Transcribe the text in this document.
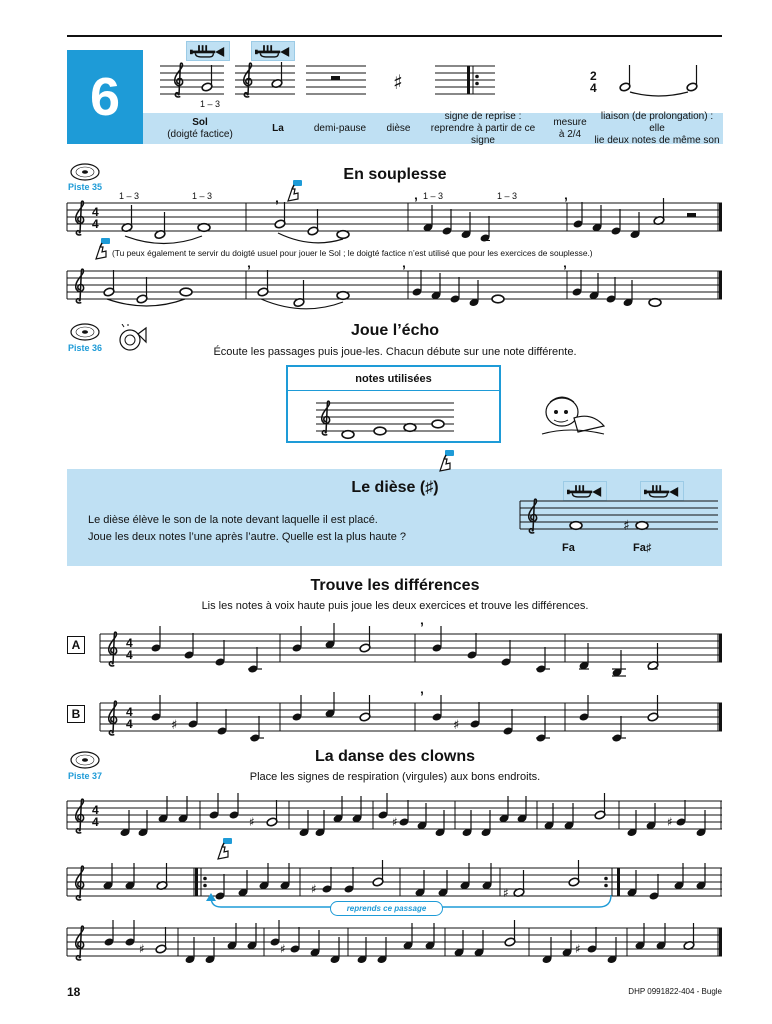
6	♯	2
4
1 – 3
Sol
(doigté factice)
La	demi-pause dièse
signe de reprise :
reprendre à partir de ce signe
mesure
à 2/4
liaison (de prolongation) : elle
lie deux notes de même son
Piste 35
En souplesse
1 – 3	1 – 3	1 – 3	1 – 3
4
4
’	’	’
(Tu peux également te servir du doigté usuel pour jouer le Sol ; le doigté factice n’est utilisé que pour les exercices de souplesse.)
’	’	’
Piste 36
Joue l’écho
Écoute les passages puis joue-les. Chacun débute sur une note différente.
notes utilisées
Le dièse (♯)
Le dièse élève le son de la note devant laquelle il est placé.
Joue les deux notes l’une après l’autre. Quelle est la plus haute ?
♯
Fa	Fa♯
Trouve les différences
Lis les notes à voix haute puis joue les deux exercices et trouve les différences.
A	4
4
’
B	4
4	♯	♯
’
Piste 37
La danse des clowns
Place les signes de respiration (virgules) aux bons endroits.
4
4	♯	♯	♯
♯	♯
reprends ce passage
♯	♯	♯
18	DHP 0991822-404 - Bugle
